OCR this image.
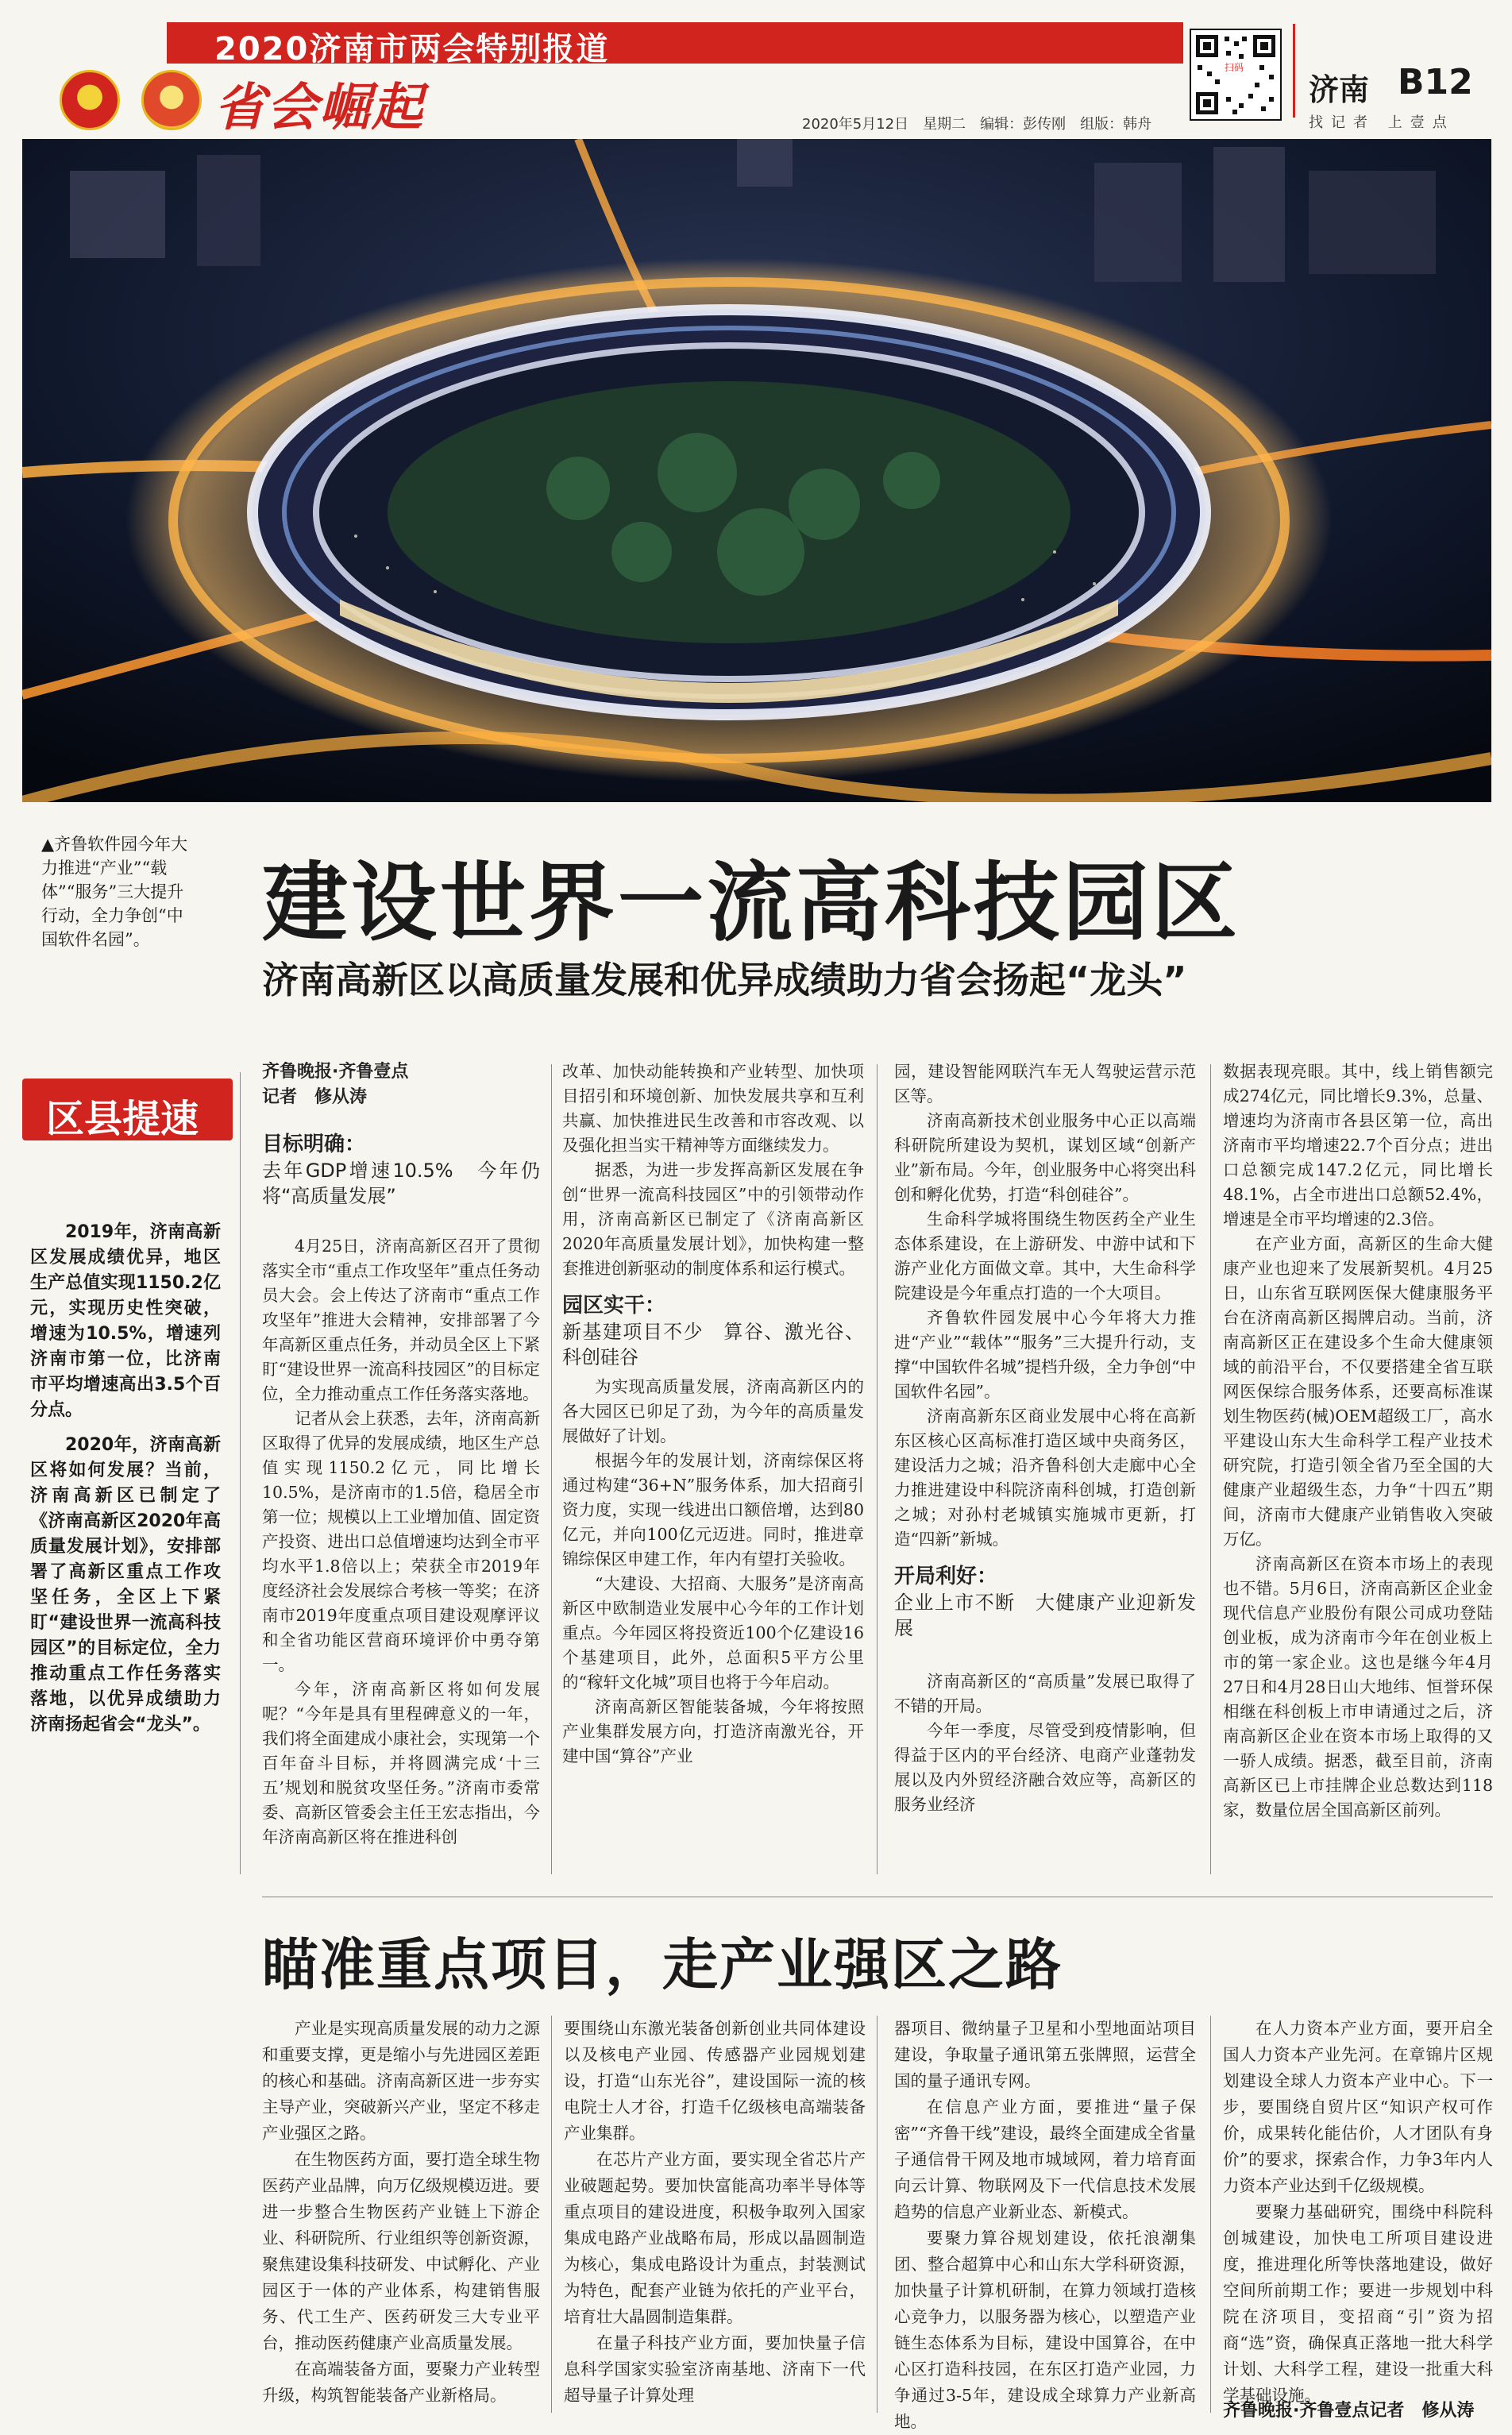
2020济南市两会特别报道
省会崛起
扫码
济南 B12
找记者 上壹点
2020年5月12日　星期二　编辑：彭传刚　组版：韩舟
▲齐鲁软件园今年大力推进“产业”“载体”“服务”三大提升行动，全力争创“中国软件名园”。	建设世界一流高科技园区
济南高新区以高质量发展和优异成绩助力省会扬起“龙头”
区县提速

2019年，济南高新区发展成绩优异，地区生产总值实现1150.2亿元，实现历史性突破，增速为10.5%，增速列济南市第一位，比济南市平均增速高出3.5个百分点。

2020年，济南高新区将如何发展？当前，济南高新区已制定了《济南高新区2020年高质量发展计划》，安排部署了高新区重点工作攻坚任务，全区上下紧盯“建设世界一流高科技园区”的目标定位，全力推动重点工作任务落实落地，以优异成绩助力济南扬起省会“龙头”。

齐鲁晚报·齐鲁壹点
记者　修从涛
目标明确：
去年GDP增速10.5%　今年仍将“高质量发展”

4月25日，济南高新区召开了贯彻落实全市“重点工作攻坚年”重点任务动员大会。会上传达了济南市“重点工作攻坚年”推进大会精神，安排部署了今年高新区重点任务，并动员全区上下紧盯“建设世界一流高科技园区”的目标定位，全力推动重点工作任务落实落地。

记者从会上获悉，去年，济南高新区取得了优异的发展成绩，地区生产总值实现1150.2亿元，同比增长10.5%，是济南市的1.5倍，稳居全市第一位；规模以上工业增加值、固定资产投资、进出口总值增速均达到全市平均水平1.8倍以上；荣获全市2019年度经济社会发展综合考核一等奖；在济南市2019年度重点项目建设观摩评议和全省功能区营商环境评价中勇夺第一。

今年，济南高新区将如何发展呢？“今年是具有里程碑意义的一年，我们将全面建成小康社会，实现第一个百年奋斗目标，并将圆满完成‘十三五’规划和脱贫攻坚任务。”济南市委常委、高新区管委会主任王宏志指出，今年济南高新区将在推进科创

改革、加快动能转换和产业转型、加快项目招引和环境创新、加快发展共享和互利共赢、加快推进民生改善和市容改观、以及强化担当实干精神等方面继续发力。

据悉，为进一步发挥高新区发展在争创“世界一流高科技园区”中的引领带动作用，济南高新区已制定了《济南高新区2020年高质量发展计划》，加快构建一整套推进创新驱动的制度体系和运行模式。

园区实干：
新基建项目不少　算谷、激光谷、科创硅谷

为实现高质量发展，济南高新区内的各大园区已卯足了劲，为今年的高质量发展做好了计划。

根据今年的发展计划，济南综保区将通过构建“36+N”服务体系，加大招商引资力度，实现一线进出口额倍增，达到80亿元，并向100亿元迈进。同时，推进章锦综保区申建工作，年内有望打关验收。

“大建设、大招商、大服务”是济南高新区中欧制造业发展中心今年的工作计划重点。今年园区将投资近100个亿建设16个基建项目，此外，总面积5平方公里的“稼轩文化城”项目也将于今年启动。

济南高新区智能装备城，今年将按照产业集群发展方向，打造济南激光谷，开建中国“算谷”产业

园，建设智能网联汽车无人驾驶运营示范区等。

济南高新技术创业服务中心正以高端科研院所建设为契机，谋划区域“创新产业”新布局。今年，创业服务中心将突出科创和孵化优势，打造“科创硅谷”。

生命科学城将围绕生物医药全产业生态体系建设，在上游研发、中游中试和下游产业化方面做文章。其中，大生命科学院建设是今年重点打造的一个大项目。

齐鲁软件园发展中心今年将大力推进“产业”“载体”“服务”三大提升行动，支撑“中国软件名城”提档升级，全力争创“中国软件名园”。

济南高新东区商业发展中心将在高新东区核心区高标准打造区域中央商务区，建设活力之城；沿齐鲁科创大走廊中心全力推进建设中科院济南科创城，打造创新之城；对孙村老城镇实施城市更新，打造“四新”新城。

开局利好：
企业上市不断　大健康产业迎新发展

济南高新区的“高质量”发展已取得了不错的开局。

今年一季度，尽管受到疫情影响，但得益于区内的平台经济、电商产业蓬勃发展以及内外贸经济融合效应等，高新区的服务业经济

数据表现亮眼。其中，线上销售额完成274亿元，同比增长9.3%，总量、增速均为济南市各县区第一位，高出济南市平均增速22.7个百分点；进出口总额完成147.2亿元，同比增长48.1%，占全市进出口总额52.4%，增速是全市平均增速的2.3倍。

在产业方面，高新区的生命大健康产业也迎来了发展新契机。4月25日，山东省互联网医保大健康服务平台在济南高新区揭牌启动。当前，济南高新区正在建设多个生命大健康领域的前沿平台，不仅要搭建全省互联网医保综合服务体系，还要高标准谋划生物医药(械)OEM超级工厂，高水平建设山东大生命科学工程产业技术研究院，打造引领全省乃至全国的大健康产业超级生态，力争“十四五”期间，济南市大健康产业销售收入突破万亿。

济南高新区在资本市场上的表现也不错。5月6日，济南高新区企业金现代信息产业股份有限公司成功登陆创业板，成为济南市今年在创业板上市的第一家企业。这也是继今年4月27日和4月28日山大地纬、恒誉环保相继在科创板上市申请通过之后，济南高新区企业在资本市场上取得的又一骄人成绩。据悉，截至目前，济南高新区已上市挂牌企业总数达到118家，数量位居全国高新区前列。

瞄准重点项目，走产业强区之路

产业是实现高质量发展的动力之源和重要支撑，更是缩小与先进园区差距的核心和基础。济南高新区进一步夯实主导产业，突破新兴产业，坚定不移走产业强区之路。

在生物医药方面，要打造全球生物医药产业品牌，向万亿级规模迈进。要进一步整合生物医药产业链上下游企业、科研院所、行业组织等创新资源，聚焦建设集科技研发、中试孵化、产业园区于一体的产业体系，构建销售服务、代工生产、医药研发三大专业平台，推动医药健康产业高质量发展。

在高端装备方面，要聚力产业转型升级，构筑智能装备产业新格局。

要围绕山东激光装备创新创业共同体建设以及核电产业园、传感器产业园规划建设，打造“山东光谷”，建设国际一流的核电院士人才谷，打造千亿级核电高端装备产业集群。

在芯片产业方面，要实现全省芯片产业破题起势。要加快富能高功率半导体等重点项目的建设进度，积极争取列入国家集成电路产业战略布局，形成以晶圆制造为核心，集成电路设计为重点，封装测试为特色，配套产业链为依托的产业平台，培育壮大晶圆制造集群。

在量子科技产业方面，要加快量子信息科学国家实验室济南基地、济南下一代超导量子计算处理

器项目、微纳量子卫星和小型地面站项目建设，争取量子通讯第五张牌照，运营全国的量子通讯专网。

在信息产业方面，要推进“量子保密”“齐鲁干线”建设，最终全面建成全省量子通信骨干网及地市城域网，着力培育面向云计算、物联网及下一代信息技术发展趋势的信息产业新业态、新模式。

要聚力算谷规划建设，依托浪潮集团、整合超算中心和山东大学科研资源，加快量子计算机研制，在算力领域打造核心竞争力，以服务器为核心，以塑造产业链生态体系为目标，建设中国算谷，在中心区打造科技园，在东区打造产业园，力争通过3-5年，建设成全球算力产业新高地。

在人力资本产业方面，要开启全国人力资本产业先河。在章锦片区规划建设全球人力资本产业中心。下一步，要围绕自贸片区“知识产权可作价，成果转化能估价，人才团队有身价”的要求，探索合作，力争3年内人力资本产业达到千亿级规模。

要聚力基础研究，围绕中科院科创城建设，加快电工所项目建设进度，推进理化所等快落地建设，做好空间所前期工作；要进一步规划中科院在济项目，变招商“引”资为招商“选”资，确保真正落地一批大科学计划、大科学工程，建设一批重大科学基础设施。

齐鲁晚报·齐鲁壹点记者　修从涛
